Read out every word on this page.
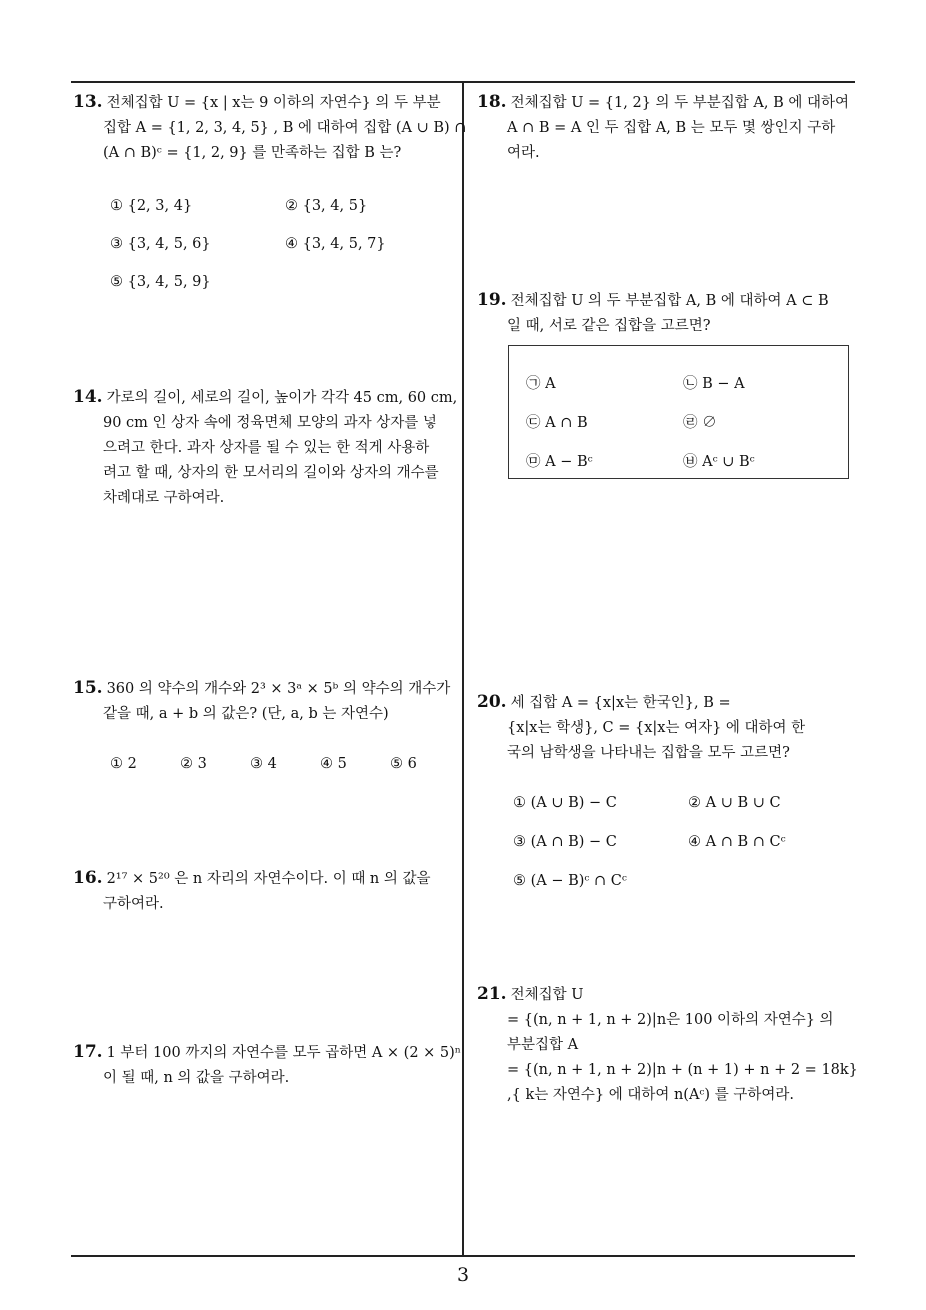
13. 전체집합 U = {x | x는 9 이하의 자연수} 의 두 부분
집합 A = {1, 2, 3, 4, 5} , B 에 대하여 집합 (A ∪ B) ∩
(A ∩ B)ᶜ = {1, 2, 9} 를 만족하는 집합 B 는?
① {2, 3, 4}	② {3, 4, 5}
③ {3, 4, 5, 6}	④ {3, 4, 5, 7}
⑤ {3, 4, 5, 9}
14. 가로의 길이, 세로의 길이, 높이가 각각 45 cm, 60 cm,
90 cm 인 상자 속에 정육면체 모양의 과자 상자를 넣
으려고 한다. 과자 상자를 될 수 있는 한 적게 사용하
려고 할 때, 상자의 한 모서리의 길이와 상자의 개수를
차례대로 구하여라.
15. 360 의 약수의 개수와 2³ × 3ᵃ × 5ᵇ 의 약수의 개수가
같을 때, a + b 의 값은? (단, a, b 는 자연수)
① 2	② 3	③ 4	④ 5	⑤ 6
16. 2¹⁷ × 5²⁰ 은 n 자리의 자연수이다. 이 때 n 의 값을
구하여라.
17. 1 부터 100 까지의 자연수를 모두 곱하면 A × (2 × 5)ⁿ
이 될 때, n 의 값을 구하여라.
18. 전체집합 U = {1, 2} 의 두 부분집합 A, B 에 대하여
A ∩ B = A 인 두 집합 A, B 는 모두 몇 쌍인지 구하
여라.
19. 전체집합 U 의 두 부분집합 A, B 에 대하여 A ⊂ B
일 때, 서로 같은 집합을 고르면?
㉠ A	㉡ B − A
㉢ A ∩ B	㉣ ∅
㉤ A − Bᶜ	㉥ Aᶜ ∪ Bᶜ
20. 세 집합 A = {x|x는 한국인}, B =
{x|x는 학생}, C = {x|x는 여자} 에 대하여 한
국의 남학생을 나타내는 집합을 모두 고르면?
① (A ∪ B) − C	② A ∪ B ∪ C
③ (A ∩ B) − C	④ A ∩ B ∩ Cᶜ
⑤ (A − B)ᶜ ∩ Cᶜ
21. 전체집합 U
= {(n, n + 1, n + 2)|n은 100 이하의 자연수} 의
부분집합 A
= {(n, n + 1, n + 2)|n + (n + 1) + n + 2 = 18k}
,{ k는 자연수} 에 대하여 n(Aᶜ) 를 구하여라.
3
